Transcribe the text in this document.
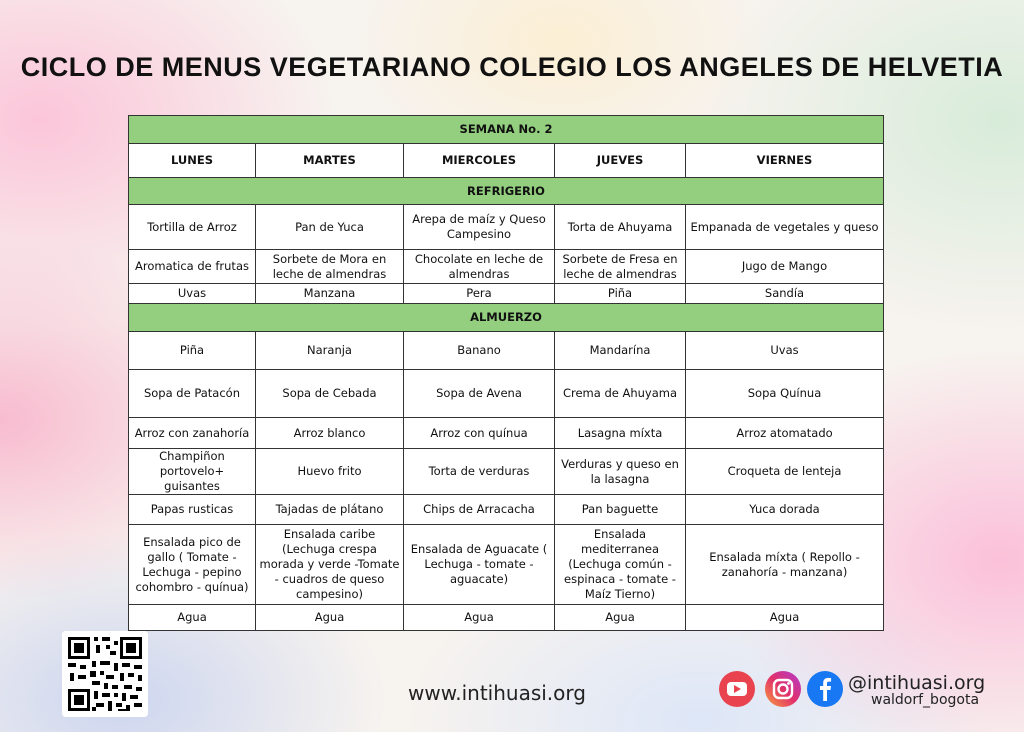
CICLO DE MENUS VEGETARIANO COLEGIO LOS ANGELES DE HELVETIA
SEMANA No. 2				
LUNES	MARTES	MIERCOLES	JUEVES	VIERNES
REFRIGERIO				
Tortilla de Arroz	Pan de Yuca	Arepa de maíz y Queso Campesino	Torta de Ahuyama	Empanada de vegetales y queso
Aromatica de frutas	Sorbete de Mora en leche de almendras	Chocolate en leche de almendras	Sorbete de Fresa en leche de almendras	Jugo de Mango
Uvas	Manzana	Pera	Piña	Sandía
ALMUERZO				
Piña	Naranja	Banano	Mandarína	Uvas
Sopa de Patacón	Sopa de Cebada	Sopa de Avena	Crema de Ahuyama	Sopa Quínua
Arroz con zanahoría	Arroz blanco	Arroz con quínua	Lasagna míxta	Arroz atomatado
Champiñon portovelo+ guisantes	Huevo frito	Torta de verduras	Verduras y queso en la lasagna	Croqueta de lenteja
Papas rusticas	Tajadas de plátano	Chips de Arracacha	Pan baguette	Yuca dorada
Ensalada pico de gallo ( Tomate - Lechuga - pepino cohombro - quínua)	Ensalada caribe (Lechuga crespa morada y verde -Tomate - cuadros de queso campesino)	Ensalada de Aguacate ( Lechuga - tomate - aguacate)	Ensalada mediterranea (Lechuga común - espinaca - tomate - Maíz Tierno)	Ensalada míxta ( Repollo - zanahoría - manzana)
Agua	Agua	Agua	Agua	Agua
www.intihuasi.org	@intihuasi.org
waldorf_bogota
